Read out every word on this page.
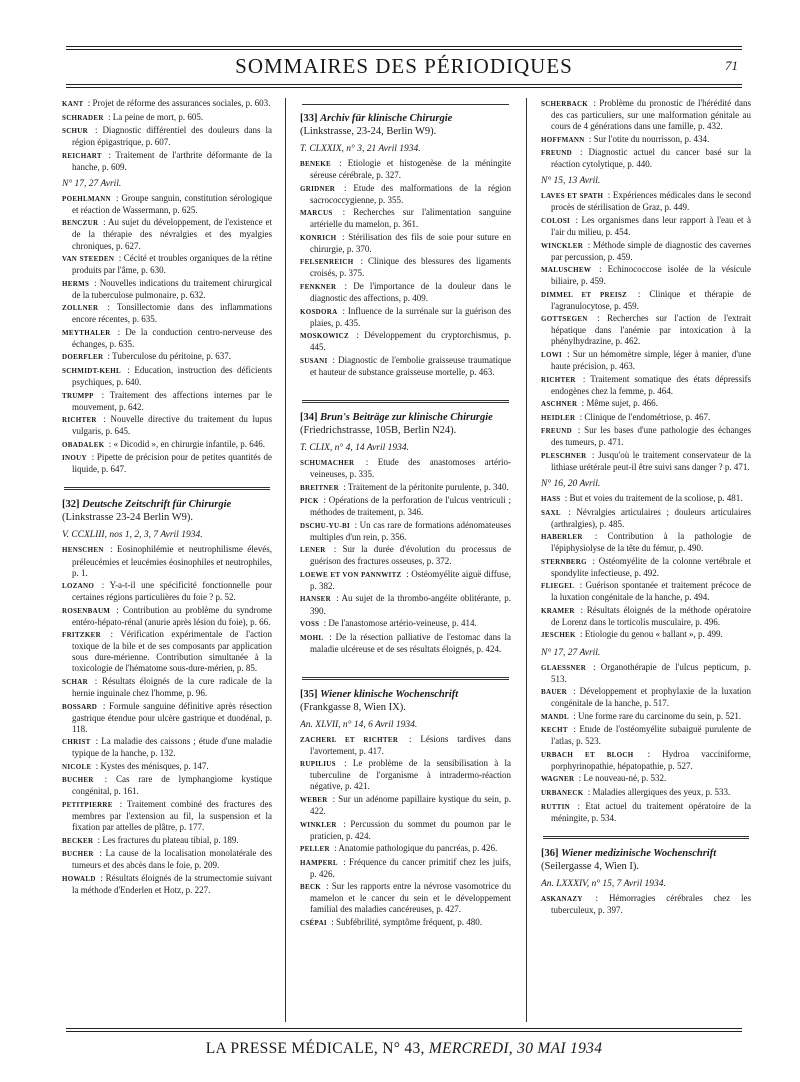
SOMMAIRES DES PÉRIODIQUES	71

KANT : Projet de réforme des assurances sociales, p. 603.

SCHRADER : La peine de mort, p. 605.

SCHUR : Diagnostic différentiel des douleurs dans la région épigastrique, p. 607.

REICHART : Traitement de l'arthrite déformante de la hanche, p. 609.

N° 17, 27 Avril.

POEHLMANN : Groupe sanguin, constitution sérologique et réaction de Wassermann, p. 625.

BENCZUR : Au sujet du développement, de l'existence et de la thérapie des névralgies et des myalgies chroniques, p. 627.

VAN STEEDEN : Cécité et troubles organiques de la rétine produits par l'âme, p. 630.

HERMS : Nouvelles indications du traitement chirurgical de la tuberculose pulmonaire, p. 632.

ZOLLNER : Tonsillectomie dans des inflammations encore récentes, p. 635.

MEYTHALER : De la conduction centro-nerveuse des échanges, p. 635.

DOERFLER : Tuberculose du péritoine, p. 637.

SCHMIDT-KEHL : Education, instruction des déficients psychiques, p. 640.

TRUMPP : Traitement des affections internes par le mouvement, p. 642.

RICHTER : Nouvelle directive du traitement du lupus vulgaris, p. 645.

OBADALEK : « Dicodid », en chirurgie infantile, p. 646.

INOUY : Pipette de précision pour de petites quantités de liquide, p. 647.

[32] Deutsche Zeitschrift für Chirurgie
(Linkstrasse 23-24 Berlin W9).
V. CCXLIII, nos 1, 2, 3, 7 Avril 1934.

HENSCHEN : Eosinophilémie et neutrophilisme élevés, préleucémies et leucémies éosinophiles et neutrophiles, p. 1.

LOZANO : Y-a-t-il une spécificité fonctionnelle pour certaines régions particulières du foie ? p. 52.

ROSENBAUM : Contribution au problème du syndrome entéro-hépato-rénal (anurie après lésion du foie), p. 66.

FRITZKER : Vérification expérimentale de l'action toxique de la bile et de ses composants par application sous dure-mérienne. Contribution simultanée à la toxicologie de l'hématome sous-dure-mérien, p. 85.

SCHAR : Résultats éloignés de la cure radicale de la hernie inguinale chez l'homme, p. 96.

BOSSARD : Formule sanguine définitive après résection gastrique étendue pour ulcère gastrique et duodénal, p. 118.

CHRIST : La maladie des caissons ; étude d'une maladie typique de la hanche, p. 132.

NICOLE : Kystes des ménisques, p. 147.

BUCHER : Cas rare de lymphangiome kystique congénital, p. 161.

PETITPIERRE : Traitement combiné des fractures des membres par l'extension au fil, la suspension et la fixation par attelles de plâtre, p. 177.

BECKER : Les fractures du plateau tibial, p. 189.

BUCHER : La cause de la localisation monolatérale des tumeurs et des abcès dans le foie, p. 209.

HOWALD : Résultats éloignés de la strumectomie suivant la méthode d'Enderlen et Hotz, p. 227.

[33] Archiv für klinische Chirurgie
(Linkstrasse, 23-24, Berlin W9).
T. CLXXIX, n° 3, 21 Avril 1934.

BENEKE : Etiologie et histogenèse de la méningite séreuse cérébrale, p. 327.

GRIDNER : Etude des malformations de la région sacrococcygienne, p. 355.

MARCUS : Recherches sur l'alimentation sanguine artérielle du mamelon, p. 361.

KONRICH : Stérilisation des fils de soie pour suture en chirurgie, p. 370.

FELSENREICH : Clinique des blessures des ligaments croisés, p. 375.

FENKNER : De l'importance de la douleur dans le diagnostic des affections, p. 409.

KOSDORA : Influence de la surrénale sur la guérison des plaies, p. 435.

MOSKOWICZ : Développement du cryptorchismus, p. 445.

SUSANI : Diagnostic de l'embolie graisseuse traumatique et hauteur de substance graisseuse mortelle, p. 463.

[34] Brun's Beiträge zur klinische Chirurgie
(Friedrichstrasse, 105B, Berlin N24).
T. CLIX, n° 4, 14 Avril 1934.

SCHUMACHER : Etude des anastomoses artério-veineuses, p. 335.

BREITNER : Traitement de la péritonite purulente, p. 340.

PICK : Opérations de la perforation de l'ulcus ventriculi ; méthodes de traitement, p. 346.

DSCHU-YU-BI : Un cas rare de formations adénomateuses multiples d'un rein, p. 356.

LENER : Sur la durée d'évolution du processus de guérison des fractures osseuses, p. 372.

LOEWE ET VON PANNWITZ : Ostéomyélite aiguë diffuse, p. 382.

HANSER : Au sujet de la thrombo-angéite oblitérante, p. 390.

VOSS : De l'anastomose artério-veineuse, p. 414.

MOHL : De la résection palliative de l'estomac dans la maladie ulcéreuse et de ses résultats éloignés, p. 424.

[35] Wiener klinische Wochenschrift
(Frankgasse 8, Wien IX).
An. XLVII, n° 14, 6 Avril 1934.

ZACHERL ET RICHTER : Lésions tardives dans l'avortement, p. 417.

RUPILIUS : Le problème de la sensibilisation à la tuberculine de l'organisme à intradermo-réaction négative, p. 421.

WEBER : Sur un adénome papillaire kystique du sein, p. 422.

WINKLER : Percussion du sommet du poumon par le praticien, p. 424.

PELLER : Anatomie pathologique du pancréas, p. 426.

HAMPERL : Fréquence du cancer primitif chez les juifs, p. 426.

BECK : Sur les rapports entre la névrose vasomotrice du mamelon et le cancer du sein et le développement familial des maladies cancéreuses, p. 427.

CSÉPAI : Subfébrilité, symptôme fréquent, p. 480.

SCHERBACK : Problème du pronostic de l'hérédité dans des cas particuliers, sur une malformation génitale au cours de 4 générations dans une famille, p. 432.

HOFFMANN : Sur l'otite du nourrisson, p. 434.

FREUND : Diagnostic actuel du cancer basé sur la réaction cytolytique, p. 440.

N° 15, 13 Avril.

LAVES ET SPATH : Expériences médicales dans le second procès de stérilisation de Graz, p. 449.

COLOSI : Les organismes dans leur rapport à l'eau et à l'air du milieu, p. 454.

WINCKLER : Méthode simple de diagnostic des cavernes par percussion, p. 459.

MALUSCHEW : Echinococcose isolée de la vésicule biliaire, p. 459.

DIMMEL ET PREISZ : Clinique et thérapie de l'agranulocytose, p. 459.

GOTTSEGEN : Recherches sur l'action de l'extrait hépatique dans l'anémie par intoxication à la phénylhydrazine, p. 462.

LOWI : Sur un hémomètre simple, léger à manier, d'une haute précision, p. 463.

RICHTER : Traitement somatique des états dépressifs endogènes chez la femme, p. 464.

ASCHNER : Même sujet, p. 466.

HEIDLER : Clinique de l'endométriose, p. 467.

FREUND : Sur les bases d'une pathologie des échanges des tumeurs, p. 471.

PLESCHNER : Jusqu'où le traitement conservateur de la lithiase urétérale peut-il être suivi sans danger ? p. 471.

N° 16, 20 Avril.

HASS : But et voies du traitement de la scoliose, p. 481.

SAXL : Névralgies articulaires ; douleurs articulaires (arthralgies), p. 485.

HABERLER : Contribution à la pathologie de l'épiphysiolyse de la tête du fémur, p. 490.

STERNBERG : Ostéomyélite de la colonne vertébrale et spondylite infectieuse, p. 492.

FLIEGEL : Guérison spontanée et traitement précoce de la luxation congénitale de la hanche, p. 494.

KRAMER : Résultats éloignés de la méthode opératoire de Lorenz dans le torticolis musculaire, p. 496.

JESCHEK : Etiologie du genou « ballant », p. 499.

N° 17, 27 Avril.

GLAESSNER : Organothérapie de l'ulcus pepticum, p. 513.

BAUER : Développement et prophylaxie de la luxation congénitale de la hanche, p. 517.

MANDL : Une forme rare du carcinome du sein, p. 521.

KECHT : Etude de l'ostéomyélite subaiguë purulente de l'atlas, p. 523.

URBACH ET BLOCH : Hydroa vacciniforme, porphyrinopathie, hépatopathie, p. 527.

WAGNER : Le nouveau-né, p. 532.

URBANECK : Maladies allergiques des yeux, p. 533.

RUTTIN : Etat actuel du traitement opératoire de la méningite, p. 534.

[36] Wiener medizinische Wochenschrift
(Seilergasse 4, Wien I).
An. LXXXIV, n° 15, 7 Avril 1934.

ASKANAZY : Hémorragies cérébrales chez les tuberculeux, p. 397.

LA PRESSE MÉDICALE, N° 43, MERCREDI, 30 MAI 1934
